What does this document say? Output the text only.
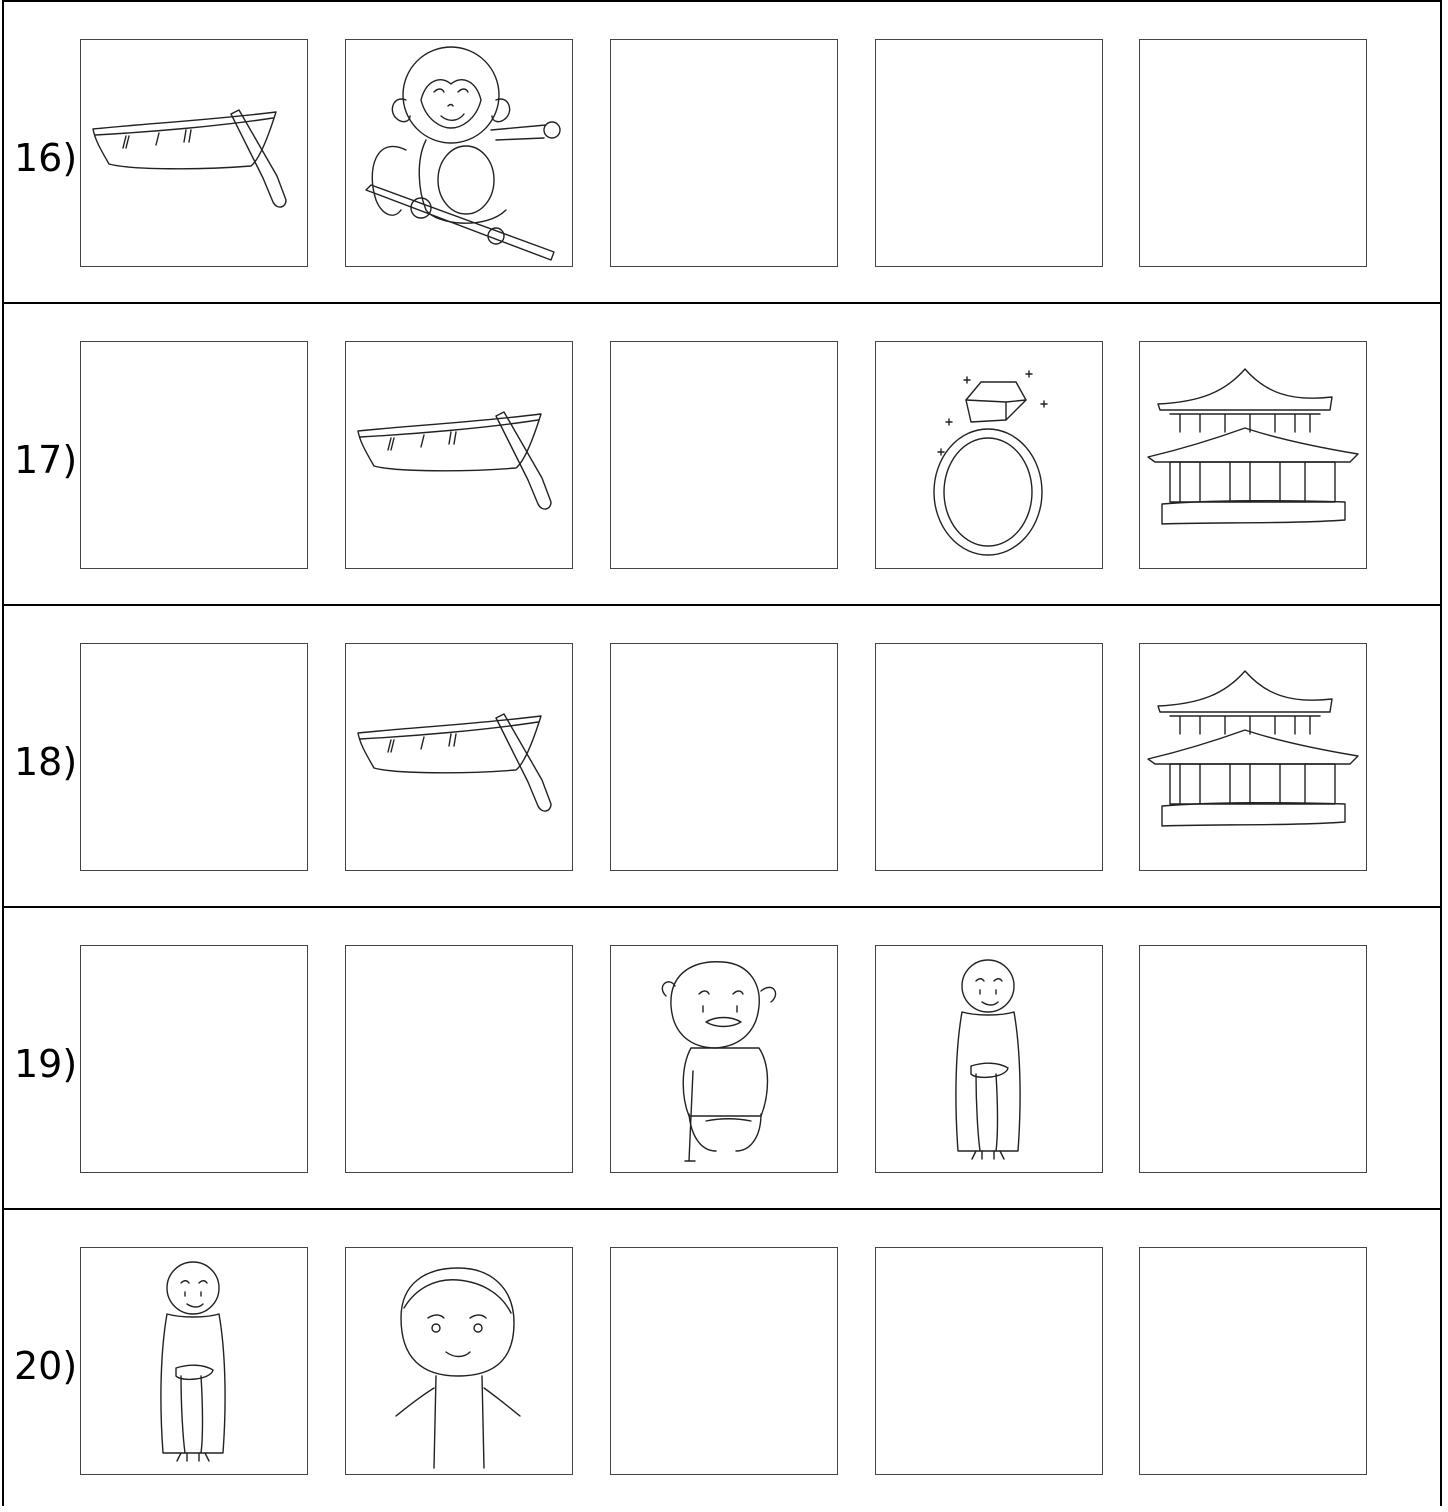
16)
17)
18)
19)
20)
